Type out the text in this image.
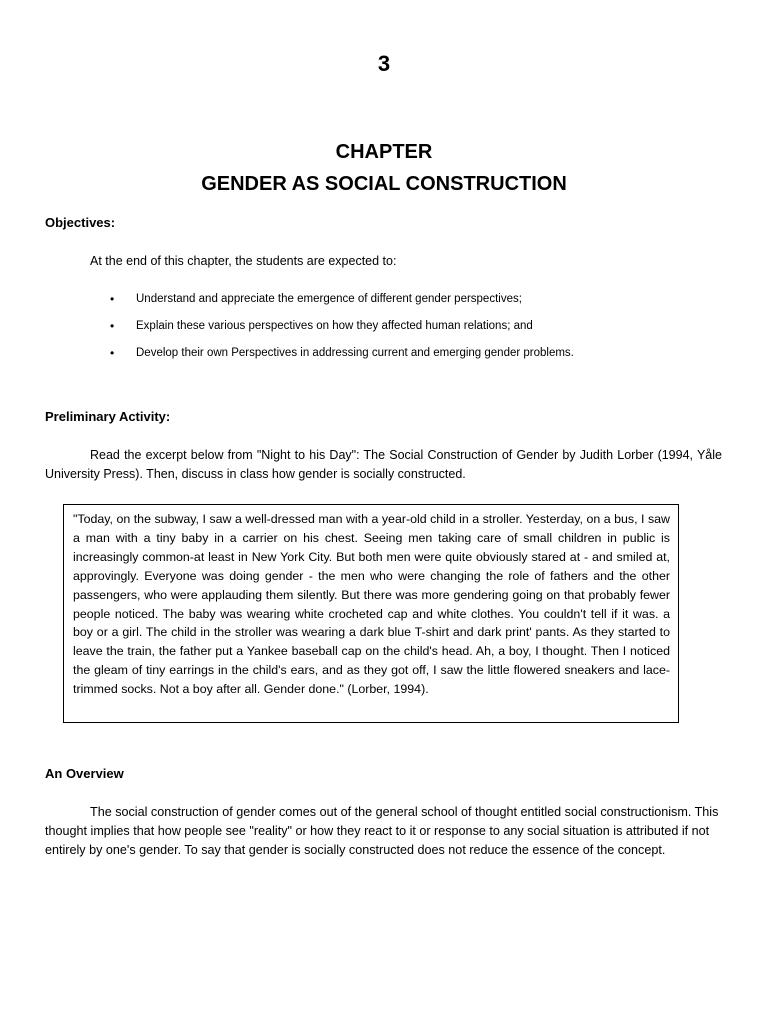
3
CHAPTER
GENDER AS SOCIAL CONSTRUCTION
Objectives:
At the end of this chapter, the students are expected to:
• Understand and appreciate the emergence of different gender perspectives;
• Explain these various perspectives on how they affected human relations; and
• Develop their own Perspectives in addressing current and emerging gender problems.
Preliminary Activity:
Read the excerpt below from "Night to his Day": The Social Construction of Gender by Judith Lorber (1994, Yåle University Press). Then, discuss in class how gender is socially constructed.
"Today, on the subway, I saw a well-dressed man with a year-old child in a stroller. Yesterday, on a bus, I saw a man with a tiny baby in a carrier on his chest. Seeing men taking care of small children in public is increasingly common-at least in New York City. But both men were quite obviously stared at - and smiled at, approvingly. Everyone was doing gender - the men who were changing the role of fathers and the other passengers, who were applauding them silently. But there was more gendering going on that probably fewer people noticed. The baby was wearing white crocheted cap and white clothes. You couldn't tell if it was. a boy or a girl. The child in the stroller was wearing a dark blue T-shirt and dark print' pants. As they started to leave the train, the father put a Yankee baseball cap on the child's head. Ah, a boy, I thought. Then I noticed the gleam of tiny earrings in the child's ears, and as they got off, I saw the little flowered sneakers and lace-trimmed socks. Not a boy after all. Gender done." (Lorber, 1994).
An Overview
The social construction of gender comes out of the general school of thought entitled social constructionism. This thought implies that how people see "reality" or how they react to it or response to any social situation is attributed if not entirely by one's gender. To say that gender is socially constructed does not reduce the essence of the concept.
